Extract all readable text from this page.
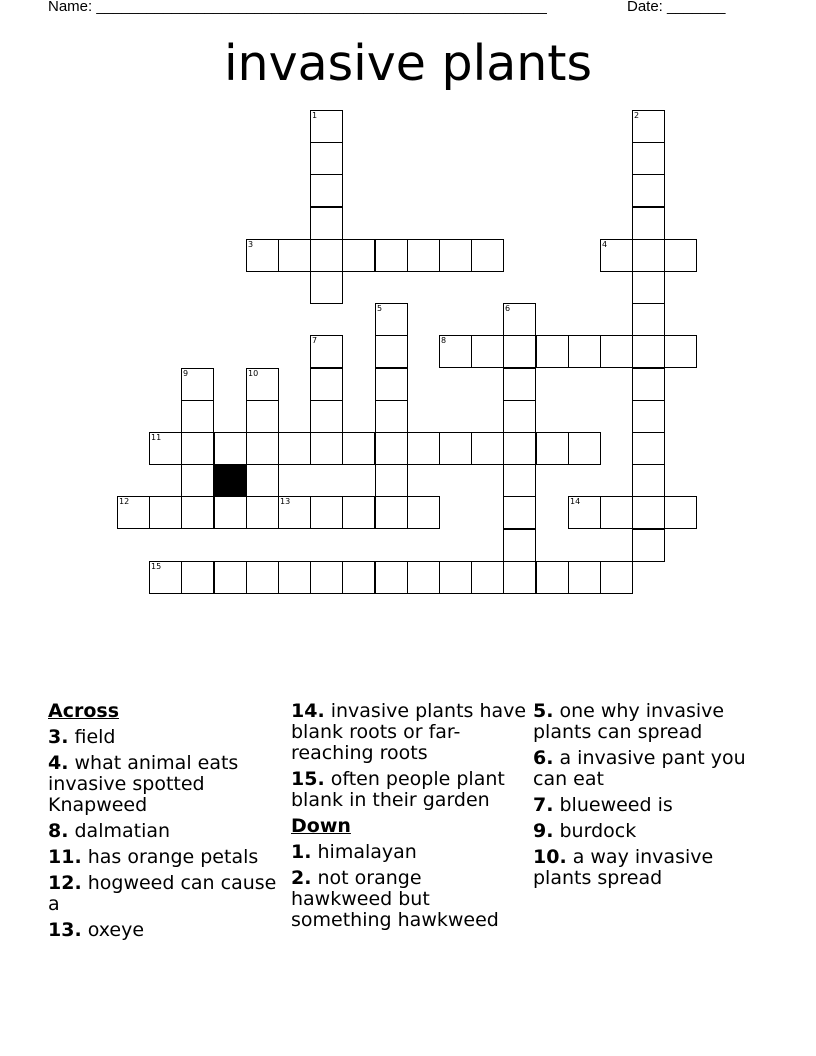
Name: ______________________________________________________	Date: _______
invasive plants
1	2
3	4
5	6
7	8
9	10
11
12	13	14
15
Across
3. field
4. what animal eats invasive spotted Knapweed
8. dalmatian
11. has orange petals
12. hogweed can cause a
13. oxeye
14. invasive plants have blank roots or far-reaching roots
15. often people plant blank in their garden
Down
1. himalayan
2. not orange hawkweed but something hawkweed
5. one why invasive plants can spread
6. a invasive pant you can eat
7. blueweed is
9. burdock
10. a way invasive plants spread
